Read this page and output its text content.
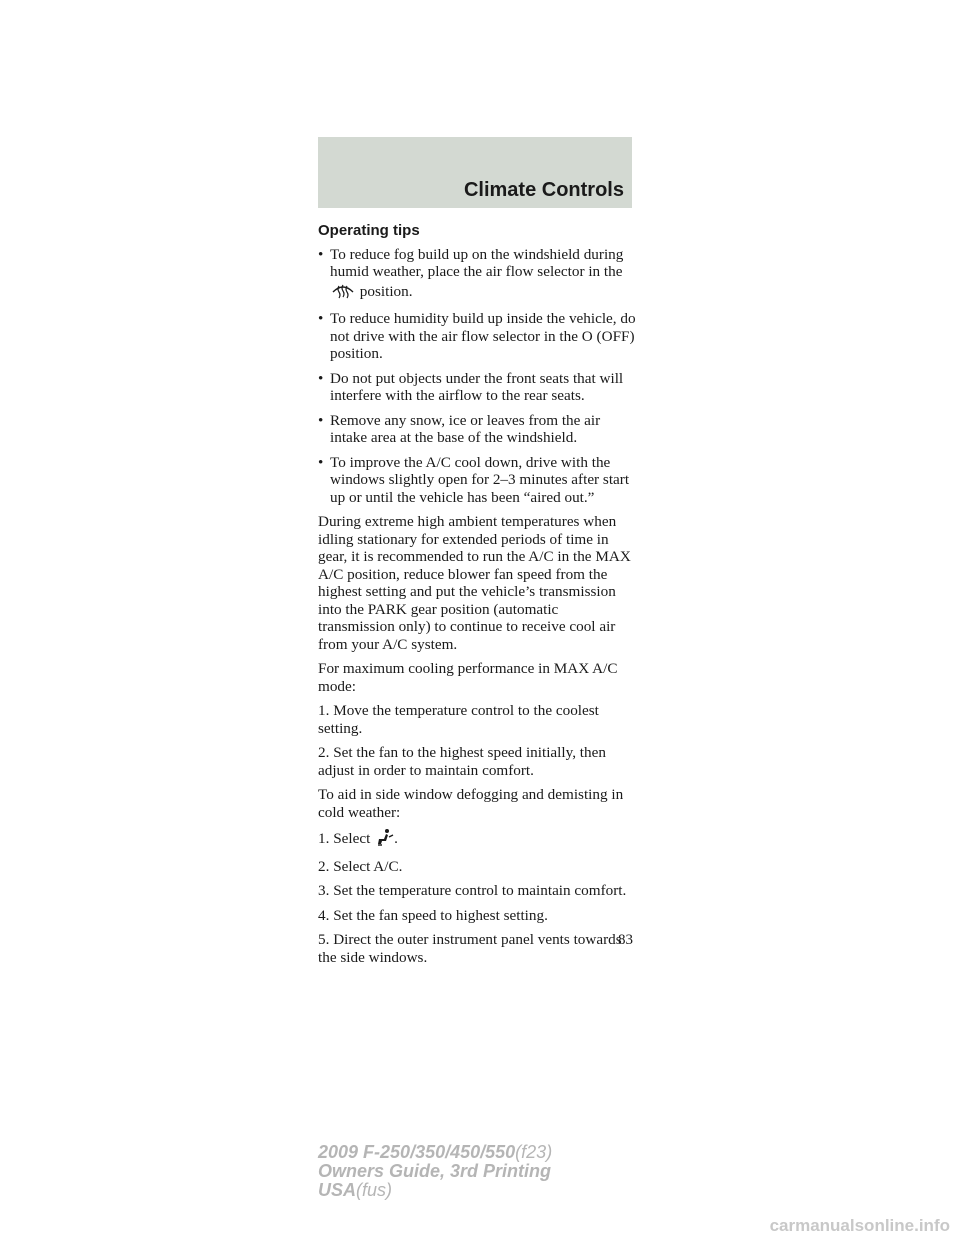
Climate Controls
Operating tips
• To reduce fog build up on the windshield during humid weather, place the air flow selector in the  position.
• To reduce humidity build up inside the vehicle, do not drive with the air flow selector in the O (OFF) position.
• Do not put objects under the front seats that will interfere with the airflow to the rear seats.
• Remove any snow, ice or leaves from the air intake area at the base of the windshield.
• To improve the A/C cool down, drive with the windows slightly open for 2–3 minutes after start up or until the vehicle has been “aired out.”

During extreme high ambient temperatures when idling stationary for extended periods of time in gear, it is recommended to run the A/C in the MAX A/C position, reduce blower fan speed from the highest setting and put the vehicle’s transmission into the PARK gear position (automatic transmission only) to continue to receive cool air from your A/C system.

For maximum cooling performance in MAX A/C mode:

1. Move the temperature control to the coolest setting.

2. Set the fan to the highest speed initially, then adjust in order to maintain comfort.

To aid in side window defogging and demisting in cold weather:

1. Select .

2. Select A/C.

3. Set the temperature control to maintain comfort.

4. Set the fan speed to highest setting.

5. Direct the outer instrument panel vents towards the side windows.

83
2009 F-250/350/450/550(f23)
Owners Guide, 3rd Printing
USA(fus)
carmanualsonline.info
